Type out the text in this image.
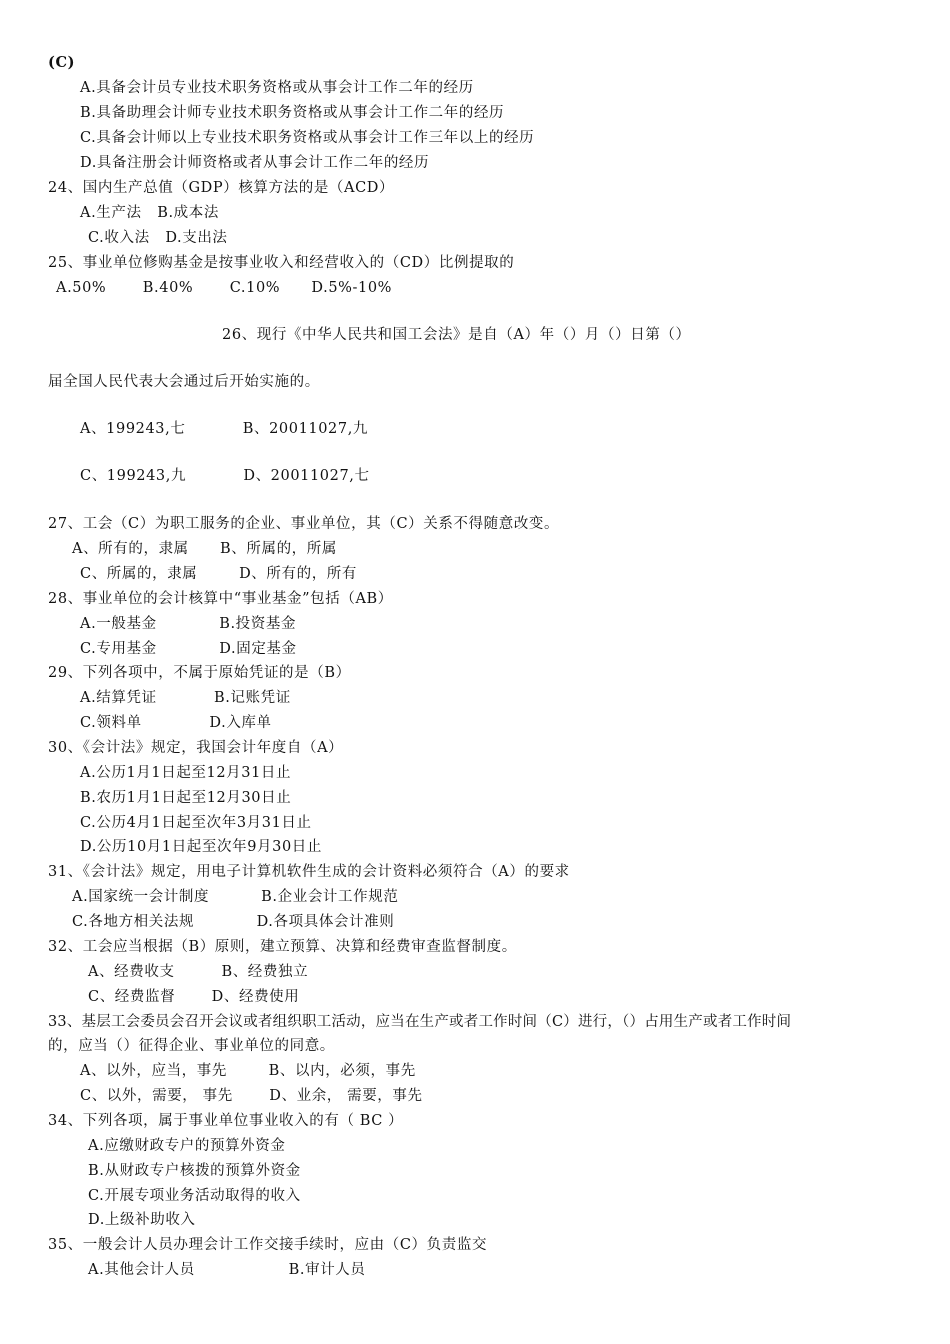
(C)
A.具备会计员专业技术职务资格或从事会计工作二年的经历
B.具备助理会计师专业技术职务资格或从事会计工作二年的经历
C.具备会计师以上专业技术职务资格或从事会计工作三年以上的经历
D.具备注册会计师资格或者从事会计工作二年的经历
24、国内生产总值（GDP）核算方法的是（ACD）
A.生产法   B.成本法
C.收入法   D.支出法
25、事业单位修购基金是按事业收入和经营收入的（CD）比例提取的
A.50%       B.40%       C.10%      D.5%-10%
26、现行《中华人民共和国工会法》是自（A）年（）月（）日第（）
届全国人民代表大会通过后开始实施的。
A、199243,七           B、20011027,九
C、199243,九           D、20011027,七
27、工会（C）为职工服务的企业、事业单位，其（C）关系不得随意改变。
A、所有的，隶属      B、所属的，所属
C、所属的，隶属        D、所有的，所有
28、事业单位的会计核算中“事业基金”包括（AB）
A.一般基金            B.投资基金
C.专用基金            D.固定基金
29、下列各项中，不属于原始凭证的是（B）
A.结算凭证           B.记账凭证
C.领料单             D.入库单
30、《会计法》规定，我国会计年度自（A）
A.公历1月1日起至12月31日止
B.农历1月1日起至12月30日止
C.公历4月1日起至次年3月31日止
D.公历10月1日起至次年9月30日止
31、《会计法》规定，用电子计算机软件生成的会计资料必须符合（A）的要求
A.国家统一会计制度          B.企业会计工作规范
C.各地方相关法规            D.各项具体会计准则
32、工会应当根据（B）原则，建立预算、决算和经费审查监督制度。
A、经费收支         B、经费独立
C、经费监督       D、经费使用
33、基层工会委员会召开会议或者组织职工活动，应当在生产或者工作时间（C）进行，（）占用生产或者工作时间
的，应当（）征得企业、事业单位的同意。
A、以外，应当，事先        B、以内，必须，事先
C、以外，需要， 事先       D、业余， 需要，事先
34、下列各项，属于事业单位事业收入的有（ BC ）
A.应缴财政专户的预算外资金
B.从财政专户核拨的预算外资金
C.开展专项业务活动取得的收入
D.上级补助收入
35、一般会计人员办理会计工作交接手续时，应由（C）负责监交
A.其他会计人员                  B.审计人员
